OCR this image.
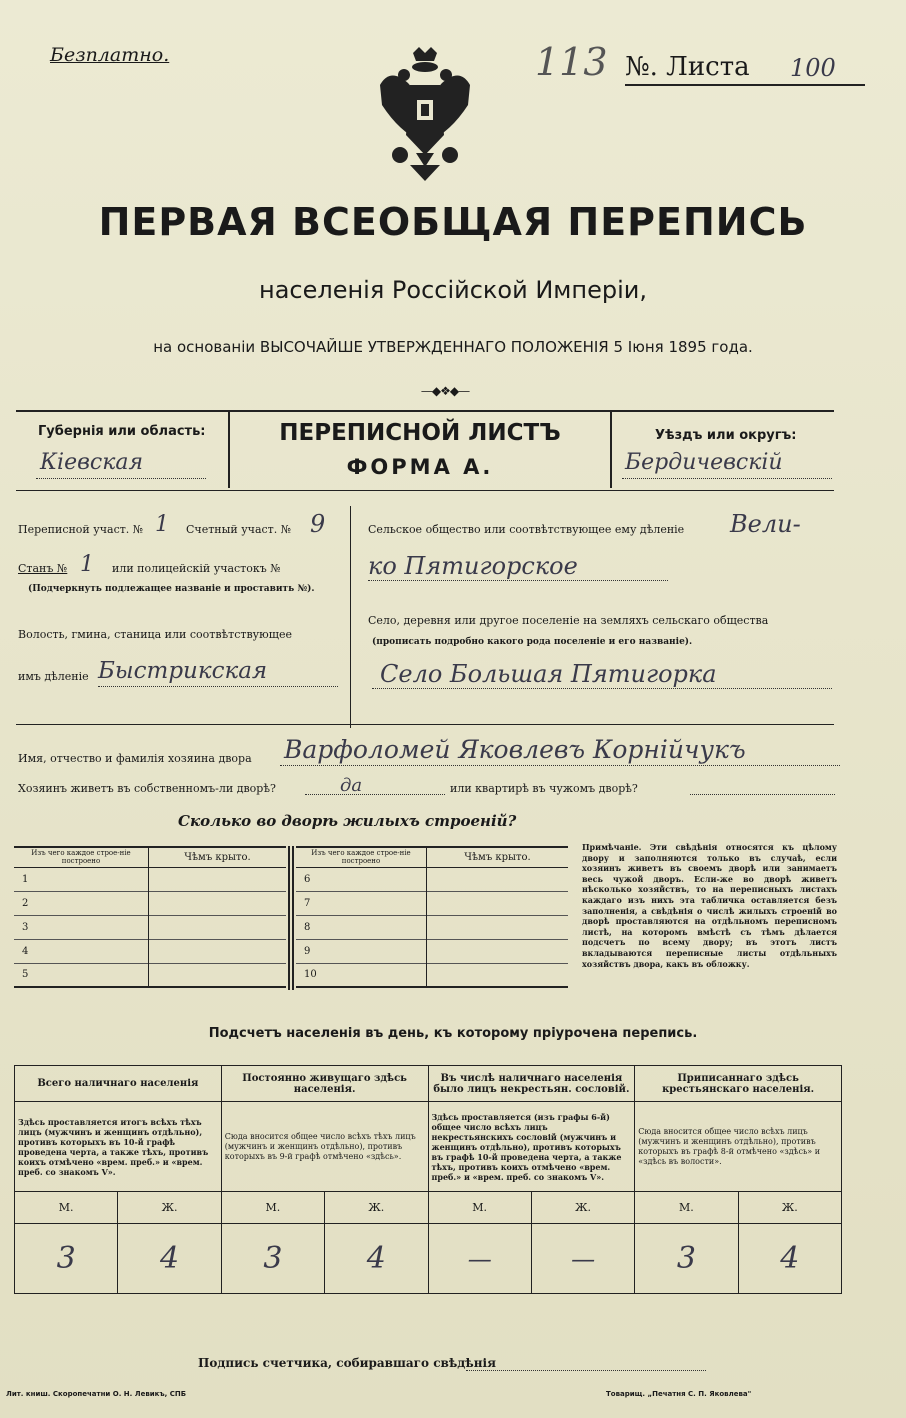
Безплатно.	113 №. Листа 100
ПЕРВАЯ ВСЕОБЩАЯ ПЕРЕПИСЬ
населенія Россійской Имперіи,
на основаніи ВЫСОЧАЙШЕ УТВЕРЖДЕННАГО ПОЛОЖЕНІЯ 5 Іюня 1895 года.
—◆❖◆—
Губернія или область:
Кіевская
ПЕРЕПИСНОЙ ЛИСТЪ
ФОРМА А.
Уѣздъ или округъ:
Бердичевскій
Переписной участ. № 1 Счетный участ. № 9
Станъ № 1 или полицейскій участокъ №
(Подчеркнуть подлежащее названіе и проставить №).
Волость, гмина, станица или соотвѣтствующее
имъ дѣленіе Быстрикская
Сельское общество или соотвѣтствующее ему дѣленіе Вели-
ко Пятигорское
Село, деревня или другое поселеніе на земляхъ сельскаго общества
(прописать подробно какого рода поселеніе и его названіе).
Село Большая Пятигорка
Имя, отчество и фамилія хозяина двора Варфоломей Яковлевъ Корнійчукъ
Хозяинъ живетъ въ собственномъ-ли дворѣ?	да	или квартирѣ въ чужомъ дворѣ?
Сколько во дворѣ жилыхъ строеній?
Изъ чего каждое строе-ніе построено	Чѣмъ крыто.
1	
2	
3	
4	
5	
Изъ чего каждое строе-ніе построено	Чѣмъ крыто.
6	
7	
8	
9	
10	
Примѣчаніе. Эти свѣдѣнія относятся къ цѣлому двору и заполняются только въ случаѣ, если хозяинъ живетъ въ своемъ дворѣ или занимаетъ весь чужой дворъ. Если-же во дворѣ живетъ нѣсколько хозяйствъ, то на переписныхъ листахъ каждаго изъ нихъ эта табличка оставляется безъ заполненія, а свѣдѣнія о числѣ жилыхъ строеній во дворѣ проставляются на отдѣльномъ переписномъ листѣ, на которомъ вмѣстѣ съ тѣмъ дѣлается подсчетъ по всему двору; въ этотъ листъ вкладываются переписные листы отдѣльныхъ хозяйствъ двора, какъ въ обложку.
Подсчетъ населенія въ день, къ которому пріурочена перепись.
Всего наличнаго населенія		Постоянно живущаго здѣсь населенія.		Въ числѣ наличнаго населенія было лицъ некрестьян. сословій.		Приписаннаго здѣсь крестьянскаго населенія.	
Здѣсь проставляется итогъ всѣхъ тѣхъ лицъ (мужчинъ и женщинъ отдѣльно), противъ которыхъ въ 10-й графѣ проведена черта, а также тѣхъ, противъ коихъ отмѣчено «врем. преб.» и «врем. преб. со знакомъ V».		Сюда вносится общее число всѣхъ тѣхъ лицъ (мужчинъ и женщинъ отдѣльно), противъ которыхъ въ 9-й графѣ отмѣчено «здѣсь».		Здѣсь проставляется (изъ графы 6-й) общее число всѣхъ лицъ некрестьянскихъ сословій (мужчинъ и женщинъ отдѣльно), противъ которыхъ въ графѣ 10-й проведена черта, а также тѣхъ, противъ коихъ отмѣчено «врем. преб.» и «врем. преб. со знакомъ V».		Сюда вносится общее число всѣхъ лицъ (мужчинъ и женщинъ отдѣльно), противъ которыхъ въ графѣ 8-й отмѣчено «здѣсь» и «здѣсь въ волости».	
М.	Ж.	М.	Ж.	М.	Ж.	М.	Ж.
3	4	3	4	—	—	3	4
Подпись счетчика, собиравшаго свѣдѣнія
Лит. книш. Скоропечатни О. Н. Левикъ, СПБ	Товарищ. „Печатня С. П. Яковлева"
